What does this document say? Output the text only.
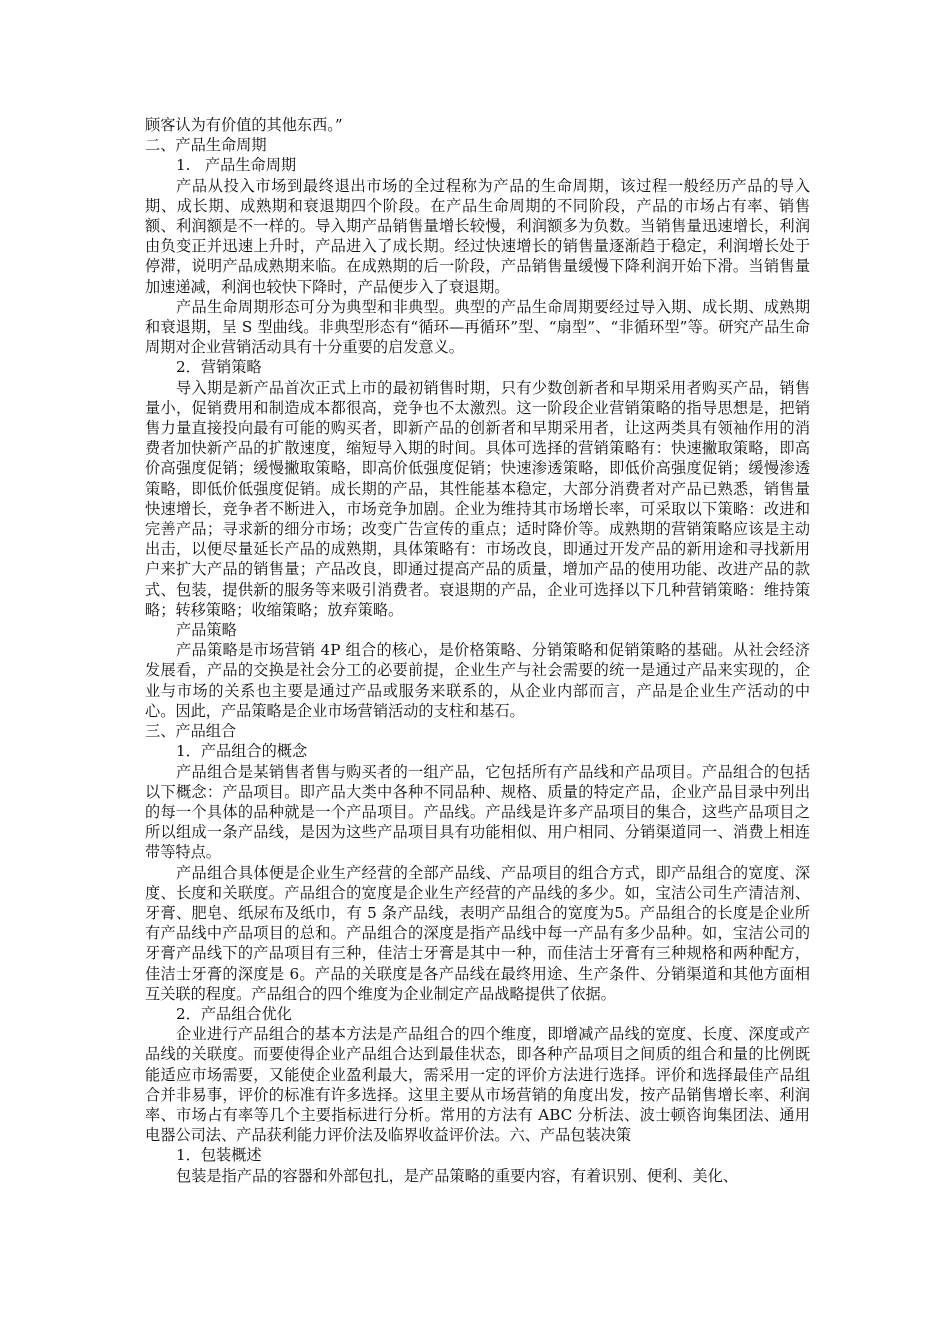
顾客认为有价值的其他东西。”

二、产品生命周期

1.   产品生命周期

产品从投入市场到最终退出市场的全过程称为产品的生命周期，该过程一般经历产品的导入期、成长期、成熟期和衰退期四个阶段。在产品生命周期的不同阶段，产品的市场占有率、销售额、利润额是不一样的。导入期产品销售量增长较慢，利润额多为负数。当销售量迅速增长，利润由负变正并迅速上升时，产品进入了成长期。经过快速增长的销售量逐渐趋于稳定，利润增长处于停滞，说明产品成熟期来临。在成熟期的后一阶段，产品销售量缓慢下降利润开始下滑。当销售量加速递减，利润也较快下降时，产品便步入了衰退期。

产品生命周期形态可分为典型和非典型。典型的产品生命周期要经过导入期、成长期、成熟期和衰退期，呈 S 型曲线。非典型形态有“循环—再循环”型、“扇型”、“非循环型”等。研究产品生命周期对企业营销活动具有十分重要的启发意义。

2．营销策略

导入期是新产品首次正式上市的最初销售时期，只有少数创新者和早期采用者购买产品，销售量小，促销费用和制造成本都很高，竞争也不太激烈。这一阶段企业营销策略的指导思想是，把销售力量直接投向最有可能的购买者，即新产品的创新者和早期采用者，让这两类具有领袖作用的消费者加快新产品的扩散速度，缩短导入期的时间。具体可选择的营销策略有：快速撇取策略，即高价高强度促销；缓慢撇取策略，即高价低强度促销；快速渗透策略，即低价高强度促销；缓慢渗透策略，即低价低强度促销。成长期的产品，其性能基本稳定，大部分消费者对产品已熟悉，销售量快速增长，竞争者不断进入，市场竞争加剧。企业为维持其市场增长率，可采取以下策略：改进和完善产品；寻求新的细分市场；改变广告宣传的重点；适时降价等。成熟期的营销策略应该是主动出击，以便尽量延长产品的成熟期，具体策略有：市场改良，即通过开发产品的新用途和寻找新用户来扩大产品的销售量；产品改良，即通过提高产品的质量，增加产品的使用功能、改进产品的款式、包装，提供新的服务等来吸引消费者。衰退期的产品，企业可选择以下几种营销策略：维持策略；转移策略；收缩策略；放弃策略。

产品策略

产品策略是市场营销 4P 组合的核心，是价格策略、分销策略和促销策略的基础。从社会经济发展看，产品的交换是社会分工的必要前提，企业生产与社会需要的统一是通过产品来实现的，企业与市场的关系也主要是通过产品或服务来联系的，从企业内部而言，产品是企业生产活动的中心。因此，产品策略是企业市场营销活动的支柱和基石。

三、产品组合

1．产品组合的概念

产品组合是某销售者售与购买者的一组产品，它包括所有产品线和产品项目。产品组合的包括以下概念：产品项目。即产品大类中各种不同品种、规格、质量的特定产品，企业产品目录中列出的每一个具体的品种就是一个产品项目。产品线。产品线是许多产品项目的集合，这些产品项目之所以组成一条产品线，是因为这些产品项目具有功能相似、用户相同、分销渠道同一、消费上相连带等特点。

产品组合具体便是企业生产经营的全部产品线、产品项目的组合方式，即产品组合的宽度、深度、长度和关联度。产品组合的宽度是企业生产经营的产品线的多少。如，宝洁公司生产清洁剂、牙膏、肥皂、纸尿布及纸巾，有 5 条产品线，表明产品组合的宽度为5。产品组合的长度是企业所有产品线中产品项目的总和。产品组合的深度是指产品线中每一产品有多少品种。如，宝洁公司的牙膏产品线下的产品项目有三种，佳洁士牙膏是其中一种，而佳洁士牙膏有三种规格和两种配方，佳洁士牙膏的深度是 6。产品的关联度是各产品线在最终用途、生产条件、分销渠道和其他方面相互关联的程度。产品组合的四个维度为企业制定产品战略提供了依据。

2．产品组合优化

企业进行产品组合的基本方法是产品组合的四个维度，即增减产品线的宽度、长度、深度或产品线的关联度。而要使得企业产品组合达到最佳状态，即各种产品项目之间质的组合和量的比例既能适应市场需要，又能使企业盈利最大，需采用一定的评价方法进行选择。评价和选择最佳产品组合并非易事，评价的标准有许多选择。这里主要从市场营销的角度出发，按产品销售增长率、利润率、市场占有率等几个主要指标进行分析。常用的方法有 ABC 分析法、波士顿咨询集团法、通用电器公司法、产品获利能力评价法及临界收益评价法。六、产品包装决策

1．包装概述

包装是指产品的容器和外部包扎，是产品策略的重要内容，有着识别、便利、美化、
